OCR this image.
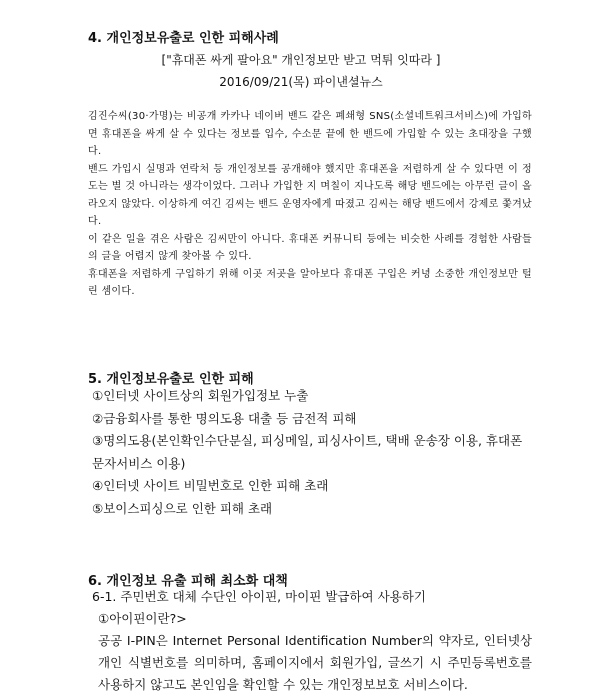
4. 개인정보유출로 인한 피해사례
["휴대폰 싸게 팔아요" 개인정보만 받고 먹튀 잇따라 ]
2016/09/21(목) 파이낸셜뉴스

김진수씨(30·가명)는 비공개 카카나 네이버 밴드 같은 폐쇄형 SNS(소셜네트워크서비스)에 가입하면 휴대폰을 싸게 살 수 있다는 정보를 입수, 수소문 끝에 한 밴드에 가입할 수 있는 초대장을 구했다.

밴드 가입시 실명과 연락처 등 개인정보를 공개해야 했지만 휴대폰을 저렴하게 살 수 있다면 이 정도는 별 것 아니라는 생각이었다. 그러나 가입한 지 며칠이 지나도록 해당 밴드에는 아무런 글이 올라오지 않았다. 이상하게 여긴 김씨는 밴드 운영자에게 따졌고 김씨는 해당 밴드에서 강제로 쫓겨났다.

이 같은 일을 겪은 사람은 김씨만이 아니다. 휴대폰 커뮤니티 등에는 비슷한 사례를 경험한 사람들의 글을 어렵지 않게 찾아볼 수 있다.

휴대폰을 저렴하게 구입하기 위해 이곳 저곳을 알아보다 휴대폰 구입은 커녕 소중한 개인정보만 털린 셈이다.

5. 개인정보유출로 인한 피해
①인터넷 사이트상의 회원가입정보 누출
②금융회사를 통한 명의도용 대출 등 금전적 피해
③명의도용(본인확인수단분실, 피싱메일, 피싱사이트, 택배 운송장 이용, 휴대폰 문자서비스 이용)
④인터넷 사이트 비밀번호로 인한 피해 초래
⑤보이스피싱으로 인한 피해 초래
6. 개인정보 유출 피해 최소화 대책
6-1. 주민번호 대체 수단인 아이핀, 마이핀 발급하여 사용하기
①아이핀이란?>
공공 I-PIN은 Internet Personal Identification Number의 약자로, 인터넷상 개인 식별번호를 의미하며, 홈페이지에서 회원가입, 글쓰기 시 주민등록번호를 사용하지 않고도 본인임을 확인할 수 있는 개인정보보호 서비스이다.
